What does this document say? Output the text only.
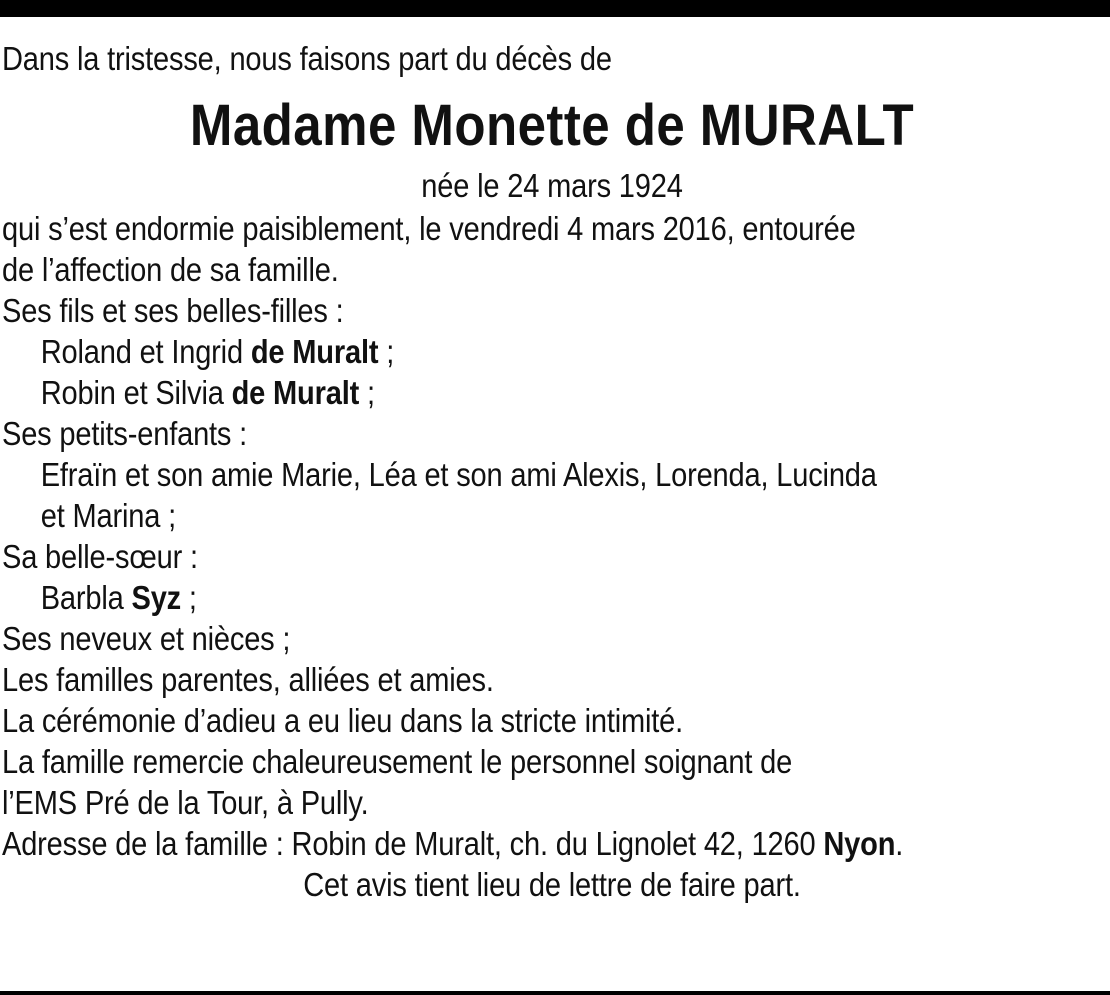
Dans la tristesse, nous faisons part du décès de

Madame Monette de MURALT

née le 24 mars 1924

qui s’est endormie paisiblement, le vendredi 4 mars 2016, entourée

de l’affection de sa famille.

Ses fils et ses belles-filles :

Roland et Ingrid de Muralt ;

Robin et Silvia de Muralt ;

Ses petits-enfants :

Efraïn et son amie Marie, Léa et son ami Alexis, Lorenda, Lucinda

et Marina ;

Sa belle-sœur :

Barbla Syz ;

Ses neveux et nièces ;

Les familles parentes, alliées et amies.

La cérémonie d’adieu a eu lieu dans la stricte intimité.

La famille remercie chaleureusement le personnel soignant de

l’EMS Pré de la Tour, à Pully.

Adresse de la famille : Robin de Muralt, ch. du Lignolet 42, 1260 Nyon.

Cet avis tient lieu de lettre de faire part.
